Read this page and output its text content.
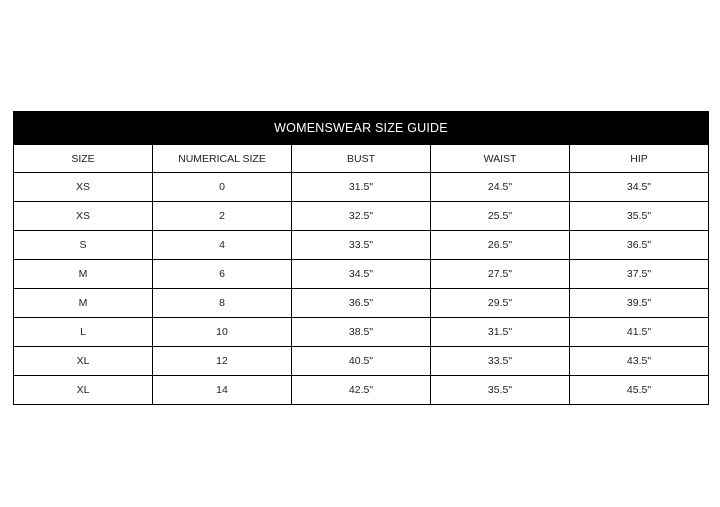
WOMENSWEAR SIZE GUIDE				
SIZE	NUMERICAL SIZE	BUST	WAIST	HIP
XS	0	31.5"	24.5"	34.5"
XS	2	32.5"	25.5"	35.5"
S	4	33.5"	26.5"	36.5"
M	6	34.5"	27.5"	37.5"
M	8	36.5"	29.5"	39.5"
L	10	38.5"	31.5"	41.5"
XL	12	40.5"	33.5"	43.5"
XL	14	42.5"	35.5"	45.5"
